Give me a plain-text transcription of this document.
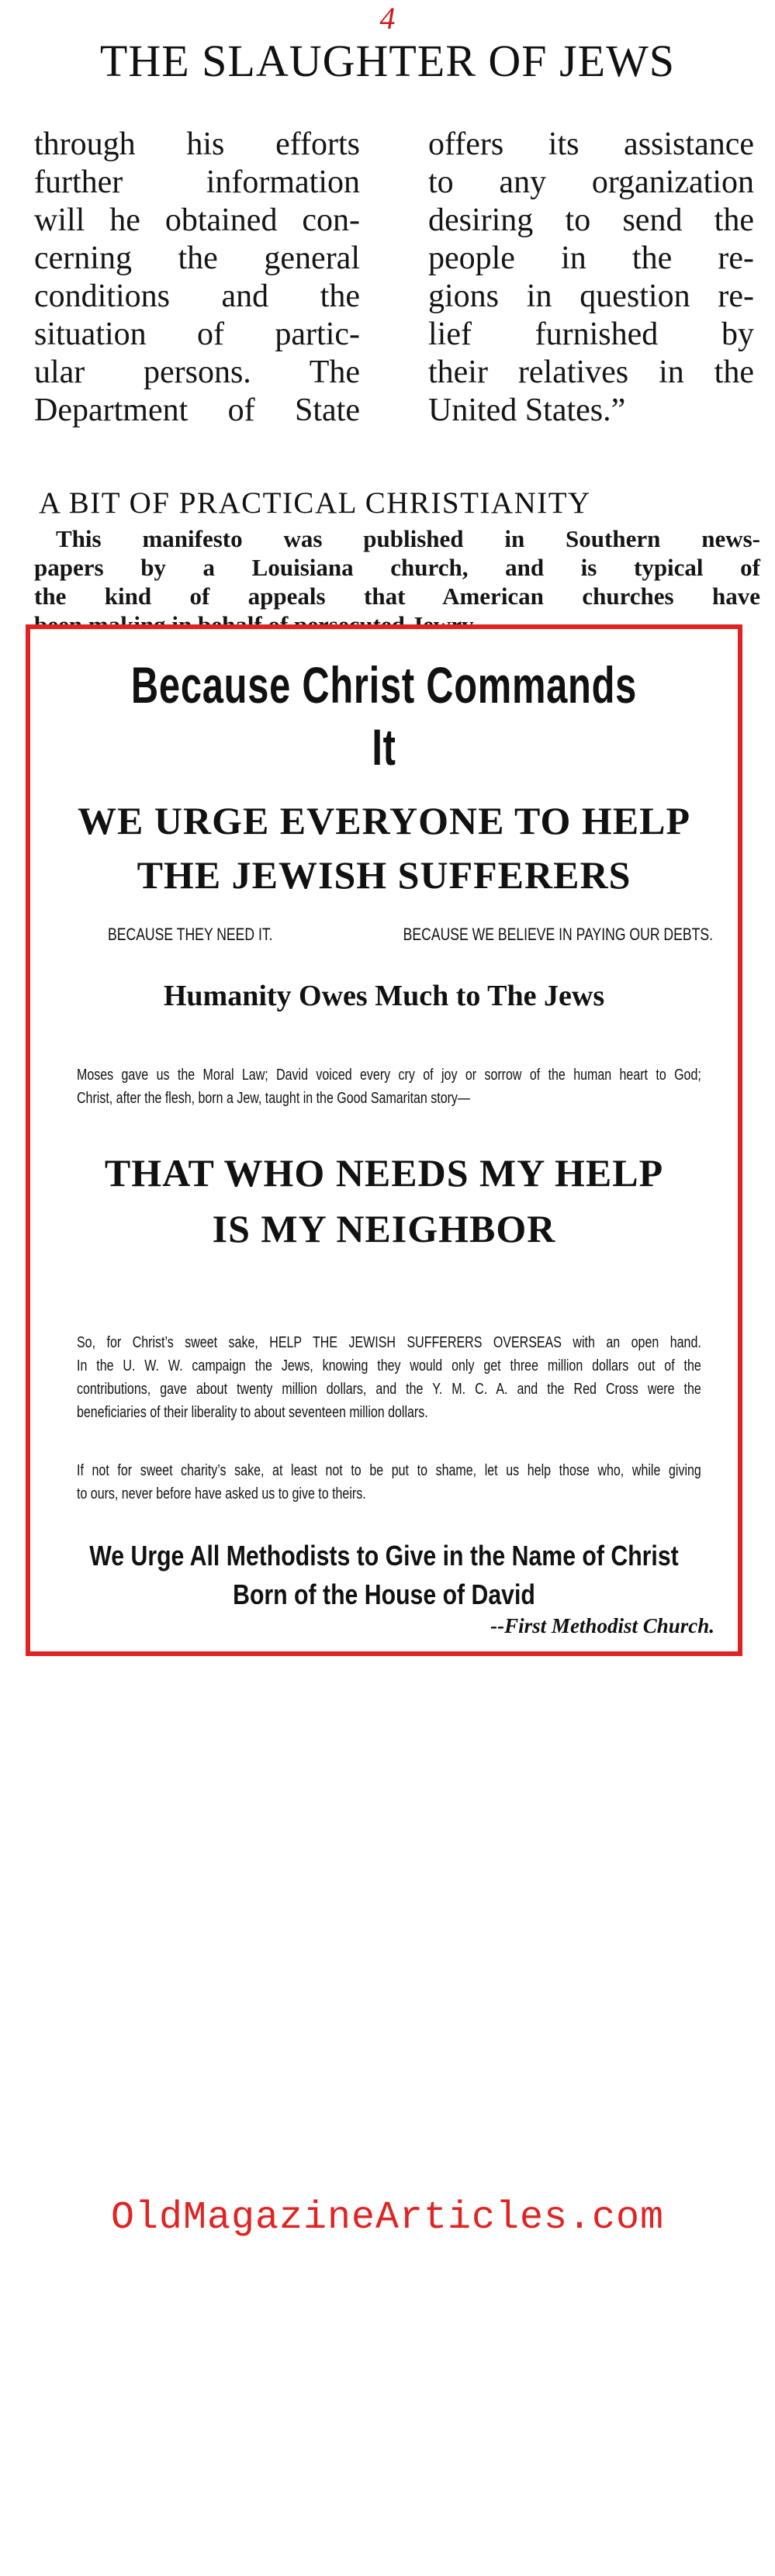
4
THE SLAUGHTER OF JEWS
through his efforts
further information
will he obtained con-
cerning the general
conditions and the
situation of partic-
ular persons. The
Department of State
offers its assistance
to any organization
desiring to send the
people in the re-
gions in question re-
lief furnished by
their relatives in the
United States.”
A BIT OF PRACTICAL CHRISTIANITY
This manifesto was published in Southern news-
papers by a Louisiana church, and is typical of
the kind of appeals that American churches have
Because Christ Commands It
WE URGE EVERYONE TO HELP
THE JEWISH SUFFERERS
BECAUSE THEY NEED IT.	BECAUSE WE BELIEVE IN PAYING OUR DEBTS.
Humanity Owes Much to The Jews
Moses gave us the Moral Law; David voiced every cry of joy or sorrow of the human heart to God;
Christ, after the flesh, born a Jew, taught in the Good Samaritan story—
THAT WHO NEEDS MY HELP
IS MY NEIGHBOR
So, for Christ’s sweet sake, HELP THE JEWISH SUFFERERS OVERSEAS with an open hand.
In the U. W. W. campaign the Jews, knowing they would only get three million dollars out of the
contributions, gave about twenty million dollars, and the Y. M. C. A. and the Red Cross were the
beneficiaries of their liberality to about seventeen million dollars.
If not for sweet charity’s sake, at least not to be put to shame, let us help those who, while giving
to ours, never before have asked us to give to theirs.
We Urge All Methodists to Give in the Name of Christ
Born of the House of David
--First Methodist Church.
OldMagazineArticles.com
